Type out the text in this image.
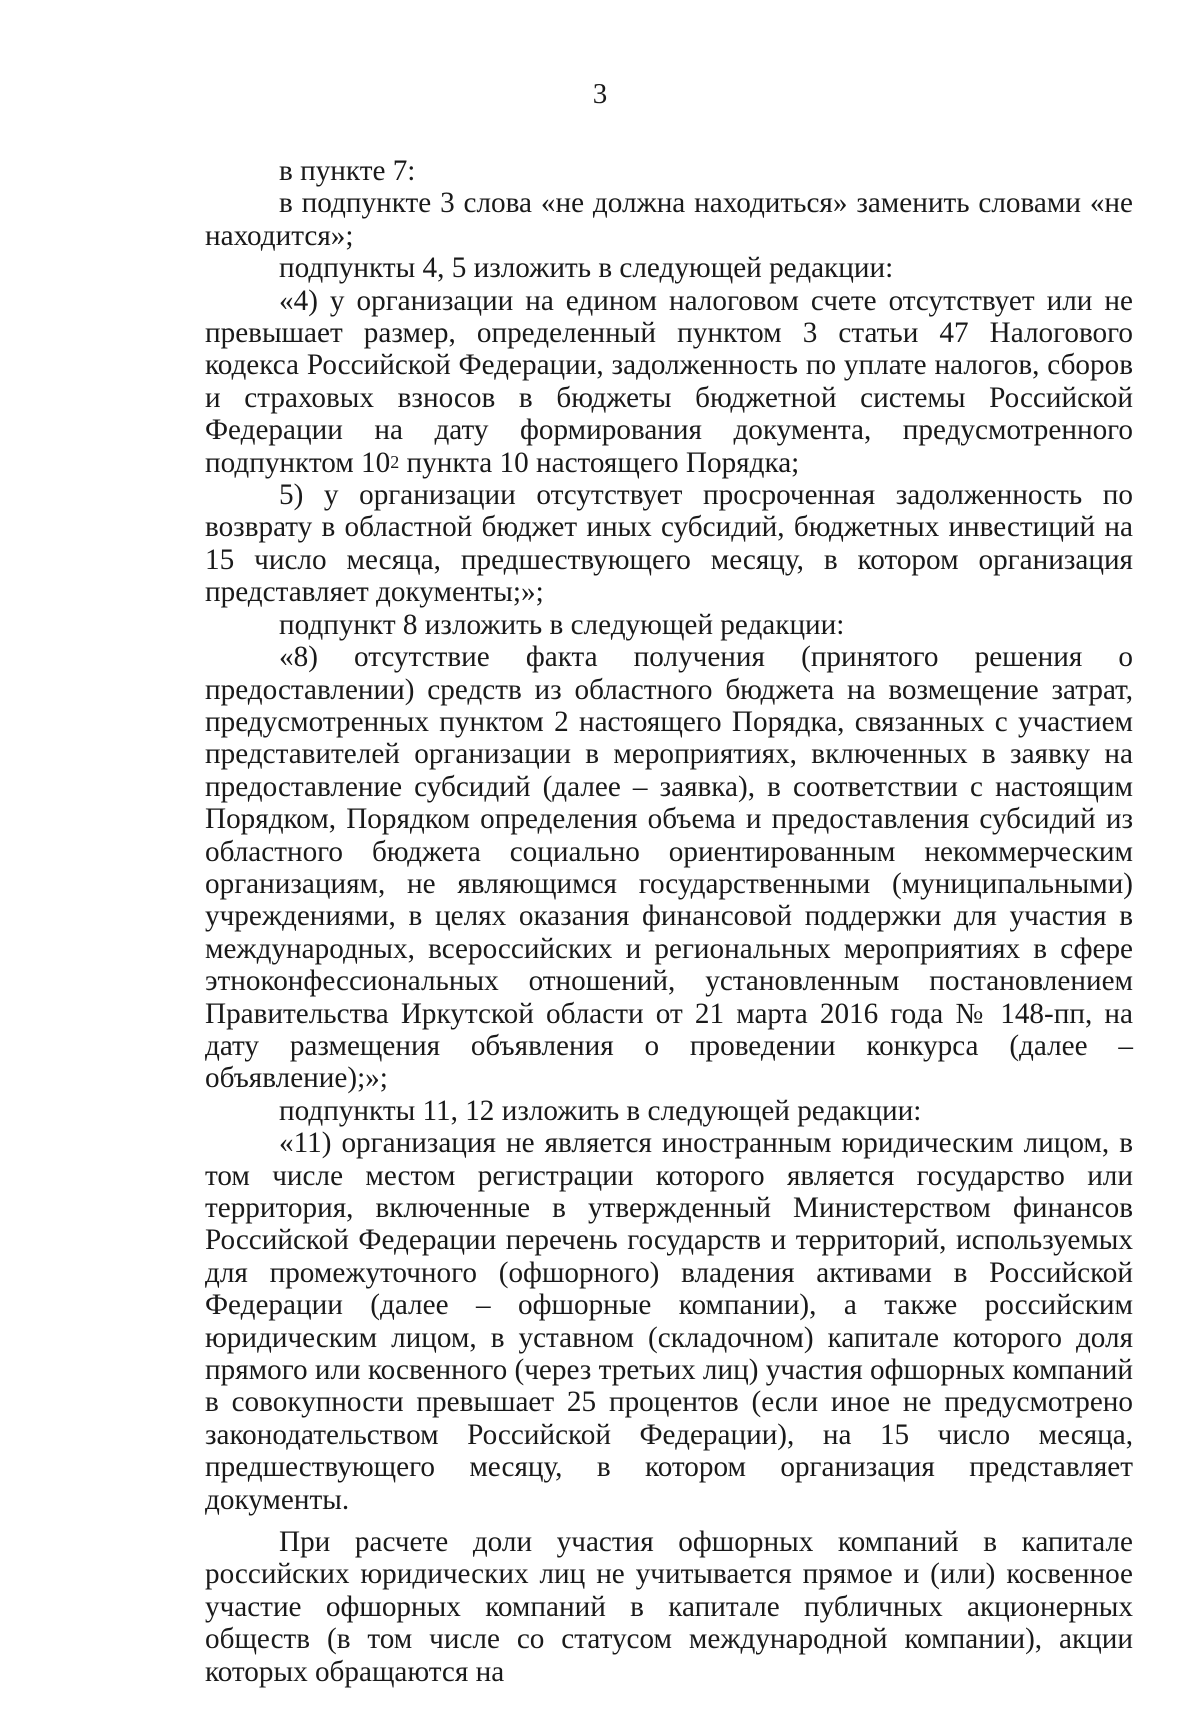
3

в пункте 7:

в подпункте 3 слова «не должна находиться» заменить словами «не находится»;

подпункты 4, 5 изложить в следующей редакции:

«4) у организации на едином налоговом счете отсутствует или не превышает размер, определенный пунктом 3 статьи 47 Налогового кодекса Российской Федерации, задолженность по уплате налогов, сборов и страховых взносов в бюджеты бюджетной системы Российской Федерации на дату формирования документа, предусмотренного подпунктом $10^2$ пункта 10 настоящего Порядка;

5) у организации отсутствует просроченная задолженность по возврату в областной бюджет иных субсидий, бюджетных инвестиций на 15 число месяца, предшествующего месяцу, в котором организация представляет документы;»;

подпункт 8 изложить в следующей редакции:

«8) отсутствие факта получения (принятого решения о предоставлении) средств из областного бюджета на возмещение затрат, предусмотренных пунктом 2 настоящего Порядка, связанных с участием представителей организации в мероприятиях, включенных в заявку на предоставление субсидий (далее – заявка), в соответствии с настоящим Порядком, Порядком определения объема и предоставления субсидий из областного бюджета социально ориентированным некоммерческим организациям, не являющимся государственными (муниципальными) учреждениями, в целях оказания финансовой поддержки для участия в международных, всероссийских и региональных мероприятиях в сфере этноконфессиональных отношений, установленным постановлением Правительства Иркутской области от 21 марта 2016 года № 148-пп, на дату размещения объявления о проведении конкурса (далее – объявление);»;

подпункты 11, 12 изложить в следующей редакции:

«11) организация не является иностранным юридическим лицом, в том числе местом регистрации которого является государство или территория, включенные в утвержденный Министерством финансов Российской Федерации перечень государств и территорий, используемых для промежуточного (офшорного) владения активами в Российской Федерации (далее – офшорные компании), а также российским юридическим лицом, в уставном (складочном) капитале которого доля прямого или косвенного (через третьих лиц) участия офшорных компаний в совокупности превышает 25 процентов (если иное не предусмотрено законодательством Российской Федерации), на 15 число месяца, предшествующего месяцу, в котором организация представляет документы.

При расчете доли участия офшорных компаний в капитале российских юридических лиц не учитывается прямое и (или) косвенное участие офшорных компаний в капитале публичных акционерных обществ (в том числе со статусом международной компании), акции которых обращаются на
